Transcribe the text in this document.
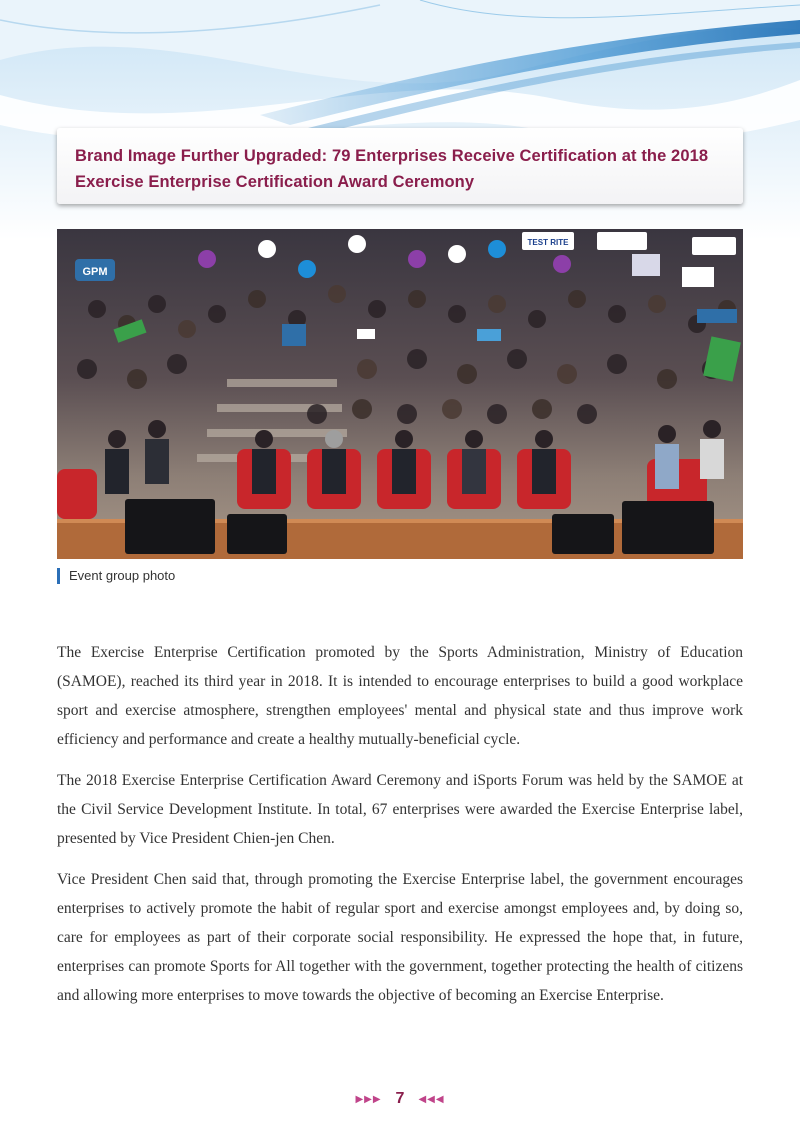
Brand Image Further Upgraded: 79 Enterprises Receive Certification at the 2018 Exercise Enterprise Certification Award Ceremony
GPM
TEST RITE
Event group photo

The Exercise Enterprise Certification promoted by the Sports Administration, Ministry of Education (SAMOE), reached its third year in 2018. It is intended to encourage enterprises to build a good workplace sport and exercise atmosphere, strengthen employees' mental and physical state and thus improve work efficiency and performance and create a healthy mutually-beneficial cycle.

The 2018 Exercise Enterprise Certification Award Ceremony and iSports Forum was held by the SAMOE at the Civil Service Development Institute. In total, 67 enterprises were awarded the Exercise Enterprise label, presented by Vice President Chien-jen Chen.

Vice President Chen said that, through promoting the Exercise Enterprise label, the government encourages enterprises to actively promote the habit of regular sport and exercise amongst employees and, by doing so, care for employees as part of their corporate social responsibility. He expressed the hope that, in future, enterprises can promote Sports for All together with the government, together protecting the health of citizens and allowing more enterprises to move towards the objective of becoming an Exercise Enterprise.

▶▶▶ 7 ◀◀◀
